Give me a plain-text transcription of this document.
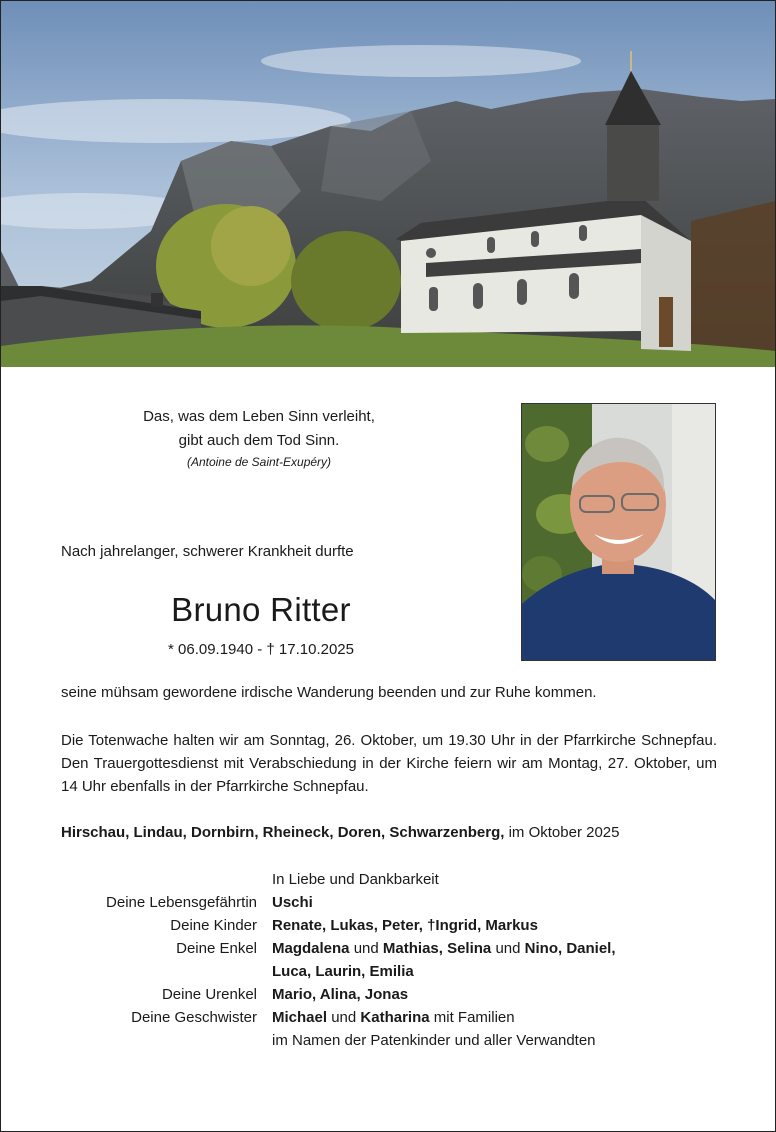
Das, was dem Leben Sinn verleiht,
gibt auch dem Tod Sinn.
(Antoine de Saint-Exupéry)
Nach jahrelanger, schwerer Krankheit durfte
Bruno Ritter
* 06.09.1940 - † 17.10.2025
seine mühsam gewordene irdische Wanderung beenden und zur Ruhe kommen.
Die Totenwache halten wir am Sonntag, 26. Oktober, um 19.30 Uhr in der Pfarrkirche Schnepfau. Den Trauergottesdienst mit Verabschiedung in der Kirche feiern wir am Montag, 27. Oktober, um 14 Uhr ebenfalls in der Pfarrkirche Schnepfau.
Hirschau, Lindau, Dornbirn, Rheineck, Doren, Schwarzenberg, im Oktober 2025
In Liebe und Dankbarkeit
Deine Lebensgefährtin	Uschi
Deine Kinder	Renate, Lukas, Peter, †Ingrid, Markus
Deine Enkel	Magdalena und Mathias, Selina und Nino, Daniel,
Luca, Laurin, Emilia
Deine Urenkel	Mario, Alina, Jonas
Deine Geschwister	Michael und Katharina mit Familien
im Namen der Patenkinder und aller Verwandten
